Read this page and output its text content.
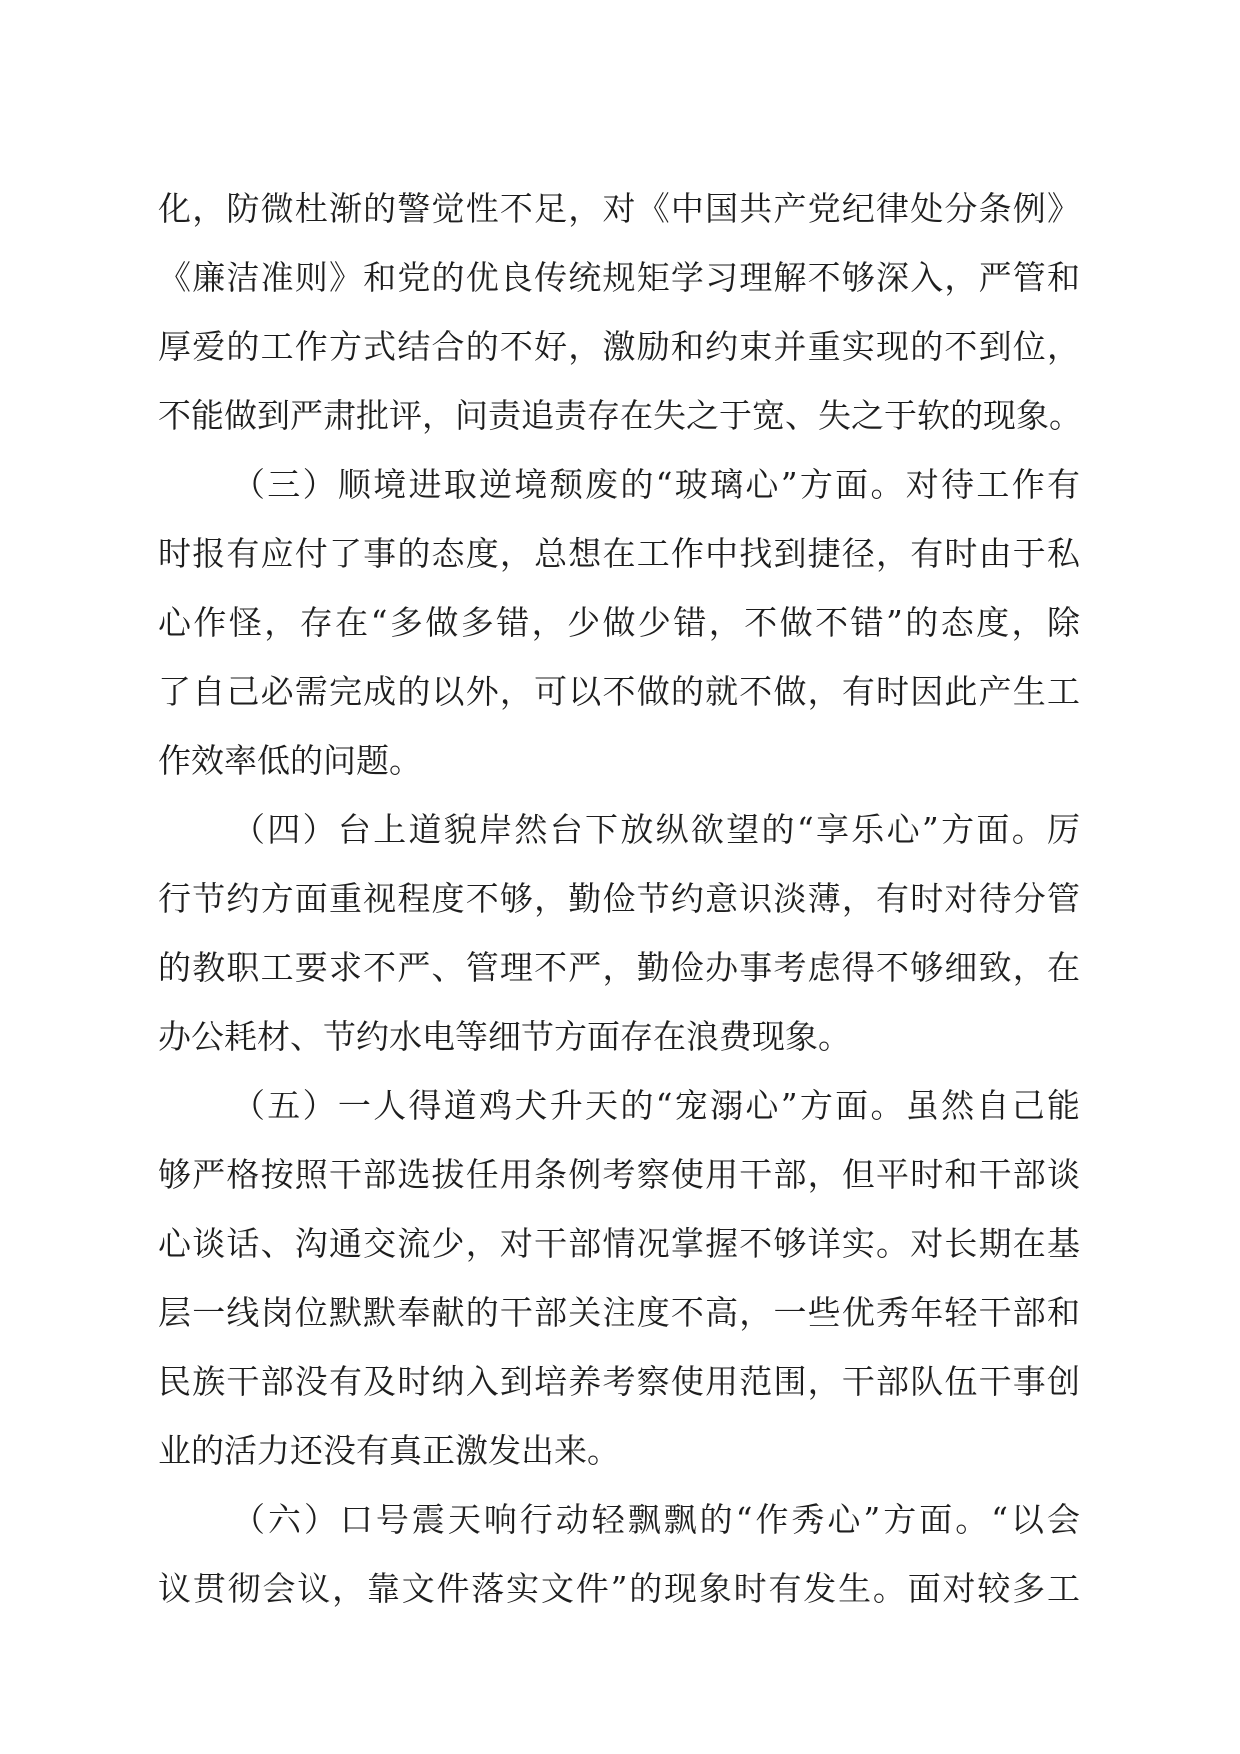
化，防微杜渐的警觉性不足，对《中国共产党纪律处分条例》
《廉洁准则》和党的优良传统规矩学习理解不够深入，严管和
厚爱的工作方式结合的不好，激励和约束并重实现的不到位，
不能做到严肃批评，问责追责存在失之于宽、失之于软的现象。
（三）顺境进取逆境颓废的“玻璃心”方面。对待工作有
时报有应付了事的态度，总想在工作中找到捷径，有时由于私
心作怪，存在“多做多错，少做少错，不做不错”的态度，除
了自己必需完成的以外，可以不做的就不做，有时因此产生工
作效率低的问题。
（四）台上道貌岸然台下放纵欲望的“享乐心”方面。厉
行节约方面重视程度不够，勤俭节约意识淡薄，有时对待分管
的教职工要求不严、管理不严，勤俭办事考虑得不够细致，在
办公耗材、节约水电等细节方面存在浪费现象。
（五）一人得道鸡犬升天的“宠溺心”方面。虽然自己能
够严格按照干部选拔任用条例考察使用干部，但平时和干部谈
心谈话、沟通交流少，对干部情况掌握不够详实。对长期在基
层一线岗位默默奉献的干部关注度不高，一些优秀年轻干部和
民族干部没有及时纳入到培养考察使用范围，干部队伍干事创
业的活力还没有真正激发出来。
（六）口号震天响行动轻飘飘的“作秀心”方面。“以会
议贯彻会议，靠文件落实文件”的现象时有发生。面对较多工
